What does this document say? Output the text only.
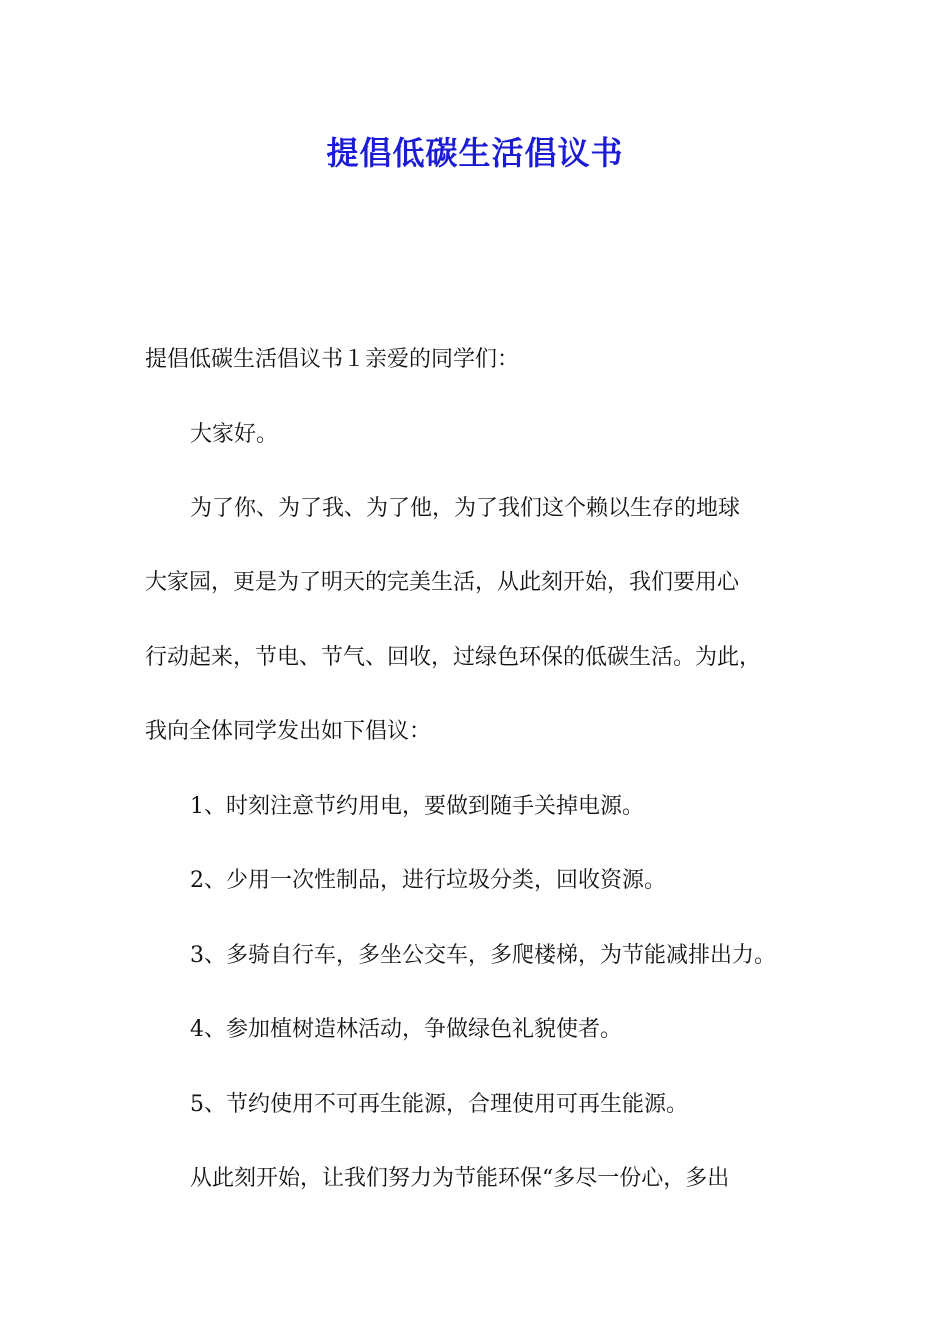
提倡低碳生活倡议书
提倡低碳生活倡议书１亲爱的同学们：
大家好。
为了你、为了我、为了他，为了我们这个赖以生存的地球
大家园，更是为了明天的完美生活，从此刻开始，我们要用心
行动起来，节电、节气、回收，过绿色环保的低碳生活。为此，
我向全体同学发出如下倡议：
1、时刻注意节约用电，要做到随手关掉电源。
2、少用一次性制品，进行垃圾分类，回收资源。
3、多骑自行车，多坐公交车，多爬楼梯，为节能减排出力。
4、参加植树造林活动，争做绿色礼貌使者。
5、节约使用不可再生能源，合理使用可再生能源。
从此刻开始，让我们努力为节能环保“多尽一份心，多出
